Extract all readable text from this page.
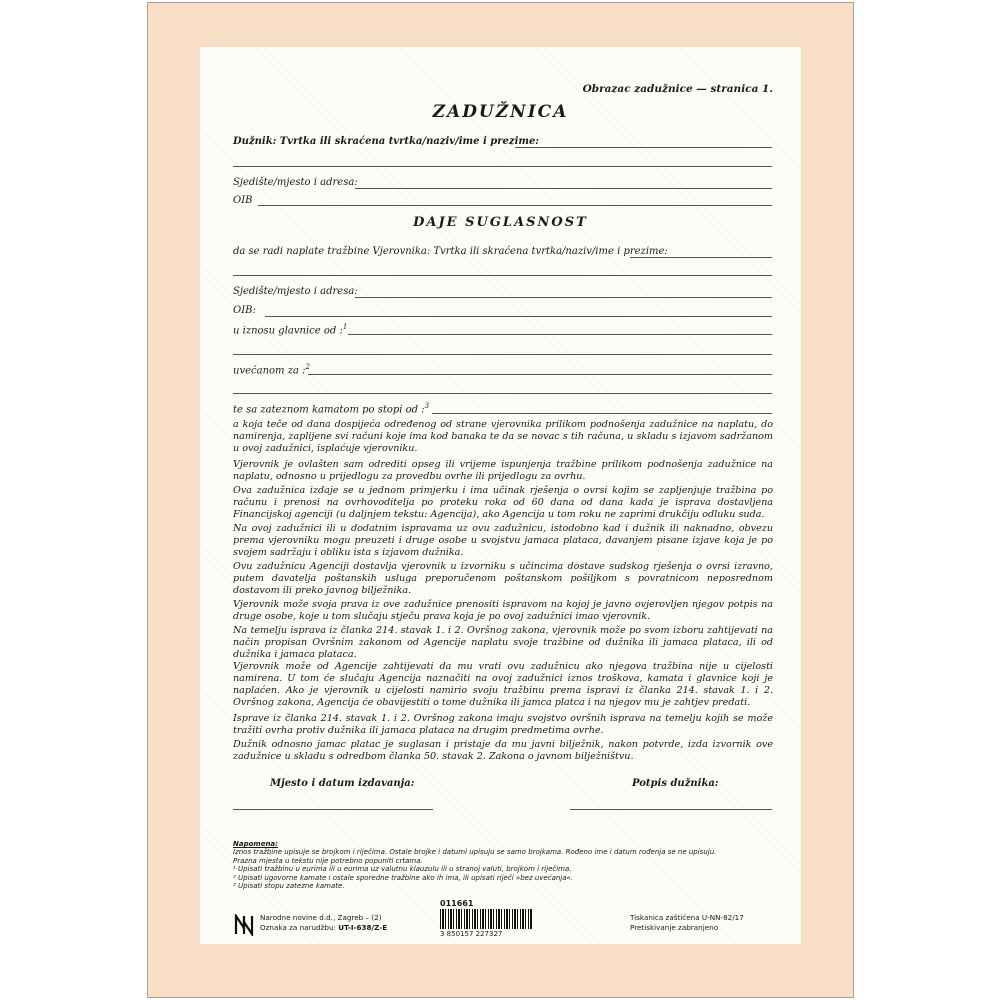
Obrazac zadužnice — stranica 1.
ZADUŽNICA
Dužnik: Tvrtka ili skraćena tvrtka/naziv/ime i prezime:
Sjedište/mjesto i adresa:
OIB
DAJE SUGLASNOST
da se radi naplate tražbine Vjerovnika: Tvrtka ili skraćena tvrtka/naziv/ime i prezime:
Sjedište/mjesto i adresa:
OIB:
u iznosu glavnice od :$^1$
uvećanom za :$^2$
te sa zateznom kamatom po stopi od :$^3$
a koja teče od dana dospijeća određenog od strane vjerovnika prilikom podnošenja zadužnice na naplatu, do namirenja, zaplijene svi računi koje ima kod banaka te da se novac s tih računa, u skladu s izjavom sadržanom u ovoj zadužnici, isplaćuje vjerovniku.
Vjerovnik je ovlašten sam odrediti opseg ili vrijeme ispunjenja tražbine prilikom podnošenja zadužnice na naplatu, odnosno u prijedlogu za provedbu ovrhe ili prijedlogu za ovrhu.
Ova zadužnica izdaje se u jednom primjerku i ima učinak rješenja o ovrsi kojim se zapljenjuje tražbina po računu i prenosi na ovrhovoditelja po proteku roka od 60 dana od dana kada je isprava dostavljena Financijskoj agenciji (u daljnjem tekstu: Agencija), ako Agencija u tom roku ne zaprimi drukčiju odluku suda.
Na ovoj zadužnici ili u dodatnim ispravama uz ovu zadužnicu, istodobno kad i dužnik ili naknadno, obvezu prema vjerovniku mogu preuzeti i druge osobe u svojstvu jamaca plataca, davanjem pisane izjave koja je po svojem sadržaju i obliku ista s izjavom dužnika.
Ovu zadužnicu Agenciji dostavlja vjerovnik u izvorniku s učincima dostave sudskog rješenja o ovrsi izravno, putem davatelja poštanskih usluga preporučenom poštanskom pošiljkom s povratnicom neposrednom dostavom ili preko javnog bilježnika.
Vjerovnik može svoja prava iz ove zadužnice prenositi ispravom na kojoj je javno ovjerovljen njegov potpis na druge osobe, koje u tom slučaju stječu prava koja je po ovoj zadužnici imao vjerovnik.
Na temelju isprava iz članka 214. stavak 1. i 2. Ovršnog zakona, vjerovnik može po svom izboru zahtijevati na način propisan Ovršnim zakonom od Agencije naplatu svoje tražbine od dužnika ili jamaca plataca, ili od dužnika i jamaca plataca.
Vjerovnik može od Agencije zahtijevati da mu vrati ovu zadužnicu ako njegova tražbina nije u cijelosti namirena. U tom će slučaju Agencija naznačiti na ovoj zadužnici iznos troškova, kamata i glavnice koji je naplaćen. Ako je vjerovnik u cijelosti namirio svoju tražbinu prema ispravi iz članka 214. stavak 1. i 2. Ovršnog zakona, Agencija će obavijestiti o tome dužnika ili jamca platca i na njegov mu je zahtjev predati.
Isprave iz članka 214. stavak 1. i 2. Ovršnog zakona imaju svojstvo ovršnih isprava na temelju kojih se može tražiti ovrha protiv dužnika ili jamaca plataca na drugim predmetima ovrhe.
Dužnik odnosno jamac platac je suglasan i pristaje da mu javni bilježnik, nakon potvrde, izda izvornik ove zadužnice u skladu s odredbom članka 50. stavak 2. Zakona o javnom bilježništvu.
Mjesto i datum izdavanja:	Potpis dužnika:
Napomena:
Iznos tražbine upisuje se brojkom i riječima. Ostale brojke i datumi upisuju se samo brojkama. Rođeno ime i datum rođenja se ne upisuju.
Prazna mjesta u tekstu nije potrebno popuniti crtama.
¹ Upisati tražbinu u eurima ili u eurima uz valutnu klauzulu ili u stranoj valuti, brojkom i riječima.
² Upisati ugovorne kamate i ostale sporedne tražbine ako ih ima, ili upisati riječi »bez uvećanja«.
³ Upisati stopu zatezne kamate.
Narodne novine d.d., Zagreb – (2)
Oznaka za narudžbu: UT-I-638/Z-E
011661
3 850157 227327
Tiskanica zaštićena U-NN-82/17
Pretiskivanje zabranjeno
